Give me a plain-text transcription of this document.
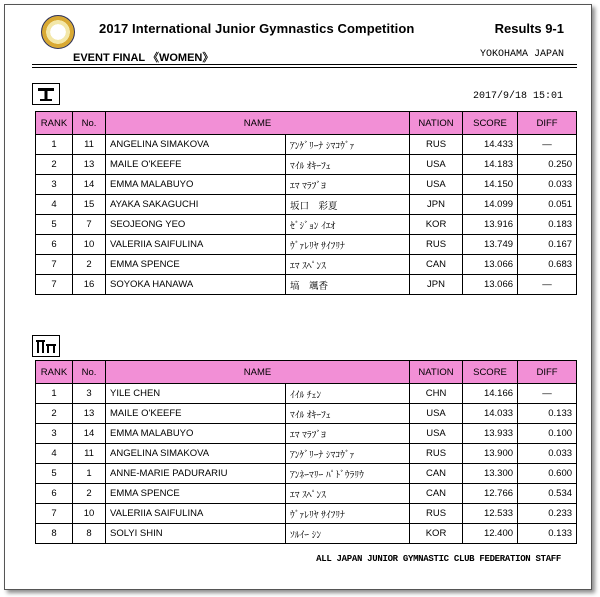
2017 International Junior Gymnastics Competition	Results 9-1
EVENT FINAL 《WOMEN》	YOKOHAMA JAPAN
2017/9/18 15:01
RANK	No.	NAME		NATION	SCORE	DIFF
1	11	ANGELINA SIMAKOVA	ｱﾝｹﾞﾘｰﾅ ｼﾏｺｳﾞｧ	RUS	14.433	—
2	13	MAILE O'KEEFE	ﾏｲﾙ ｵｷｰﾌｪ	USA	14.183	0.250
3	14	EMMA MALABUYO	ｴﾏ ﾏﾗﾌﾞﾖ	USA	14.150	0.033
4	15	AYAKA SAKAGUCHI	坂口　彩夏	JPN	14.099	0.051
5	7	SEOJEONG YEO	ｾﾞｼﾞｮﾝ ｲｴｵ	KOR	13.916	0.183
6	10	VALERIIA SAIFULINA	ｳﾞｧﾚﾘﾔ ｻｲﾌﾘﾅ	RUS	13.749	0.167
7	2	EMMA SPENCE	ｴﾏ ｽﾍﾟﾝｽ	CAN	13.066	0.683
7	16	SOYOKA HANAWA	塙　颯香	JPN	13.066	—
RANK	No.	NAME		NATION	SCORE	DIFF
1	3	YILE CHEN	ｲｲﾙ ﾁｪﾝ	CHN	14.166	—
2	13	MAILE O'KEEFE	ﾏｲﾙ ｵｷｰﾌｪ	USA	14.033	0.133
3	14	EMMA MALABUYO	ｴﾏ ﾏﾗﾌﾞﾖ	USA	13.933	0.100
4	11	ANGELINA SIMAKOVA	ｱﾝｹﾞﾘｰﾅ ｼﾏｺｳﾞｧ	RUS	13.900	0.033
5	1	ANNE-MARIE PADURARIU	ｱﾝﾈｰﾏﾘｰ ﾊﾟﾄﾞｳﾗﾘｳ	CAN	13.300	0.600
6	2	EMMA SPENCE	ｴﾏ ｽﾍﾟﾝｽ	CAN	12.766	0.534
7	10	VALERIIA SAIFULINA	ｳﾞｧﾚﾘﾔ ｻｲﾌﾘﾅ	RUS	12.533	0.233
8	8	SOLYI SHIN	ｿﾙｲｰ ｼﾝ	KOR	12.400	0.133
ALL JAPAN JUNIOR GYMNASTIC CLUB FEDERATION STAFF
